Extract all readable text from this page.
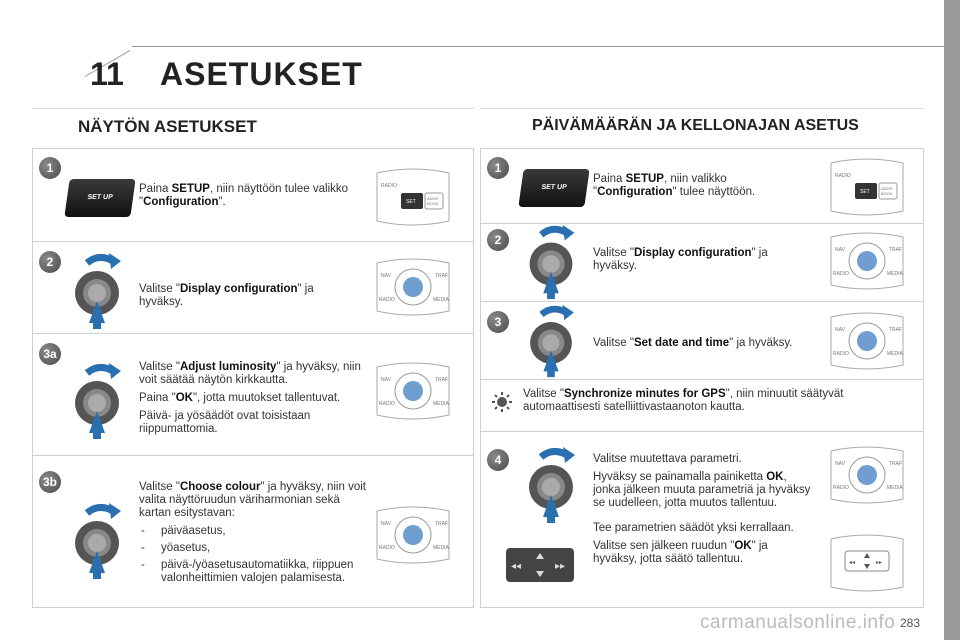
11 ASETUKSET
NÄYTÖN ASETUKSET
1
SET UP
Paina SETUP, niin näyttöön tulee valikko "Configuration".
RADIO
SET
ADDR
BOOK
2
Valitse "Display configuration" ja hyväksy.
NAV	TRAF
RADIO	MEDIA
3a

Valitse "Adjust luminosity" ja hyväksy, niin voit säätää näytön kirkkautta.

Paina "OK", jotta muutokset tallentuvat.

Päivä- ja yösäädöt ovat toisistaan riippumattomia.

NAV	TRAF
RADIO	MEDIA
3b	Valitse "Choose colour" ja hyväksy, niin voit valita näyttöruudun väriharmonian sekä kartan esitystavan:

- päiväasetus,
- yöasetus,
- päivä-/yöasetusautomatiikka, riippuen valonheittimien valojen palamisesta.
NAV	TRAF
RADIO	MEDIA
PÄIVÄMÄÄRÄN JA KELLONAJAN ASETUS
1
SET UP
Paina SETUP, niin valikko "Configuration" tulee näyttöön.
RADIO
SET
ADDR
BOOK
2
Valitse "Display configuration" ja hyväksy.
NAV	TRAF
RADIO	MEDIA
3
Valitse "Set date and time" ja hyväksy.
NAV	TRAF
RADIO	MEDIA
Valitse "Synchronize minutes for GPS", niin minuutit säätyvät automaattisesti satelliittivastaanoton kautta.
4
◂◂	▸▸

Valitse muutettava parametri.

Hyväksy se painamalla painiketta OK, jonka jälkeen muuta parametriä ja hyväksy se uudelleen, jotta muutos tallentuu.

Tee parametrien säädöt yksi kerrallaan.

Valitse sen jälkeen ruudun "OK" ja hyväksy, jotta säätö tallentuu.

NAV	TRAF
RADIO	MEDIA
◂◂	▸▸
carmanualsonline.info 283
